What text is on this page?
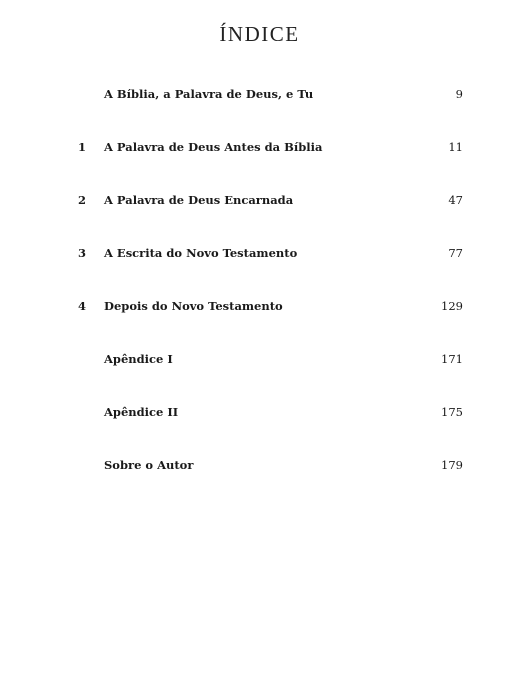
ÍNDICE
A Bíblia, a Palavra de Deus, e Tu	9
1	A Palavra de Deus Antes da Bíblia	11
2	A Palavra de Deus Encarnada	47
3	A Escrita do Novo Testamento	77
4	Depois do Novo Testamento	129
Apêndice I	171
Apêndice II	175
Sobre o Autor	179
